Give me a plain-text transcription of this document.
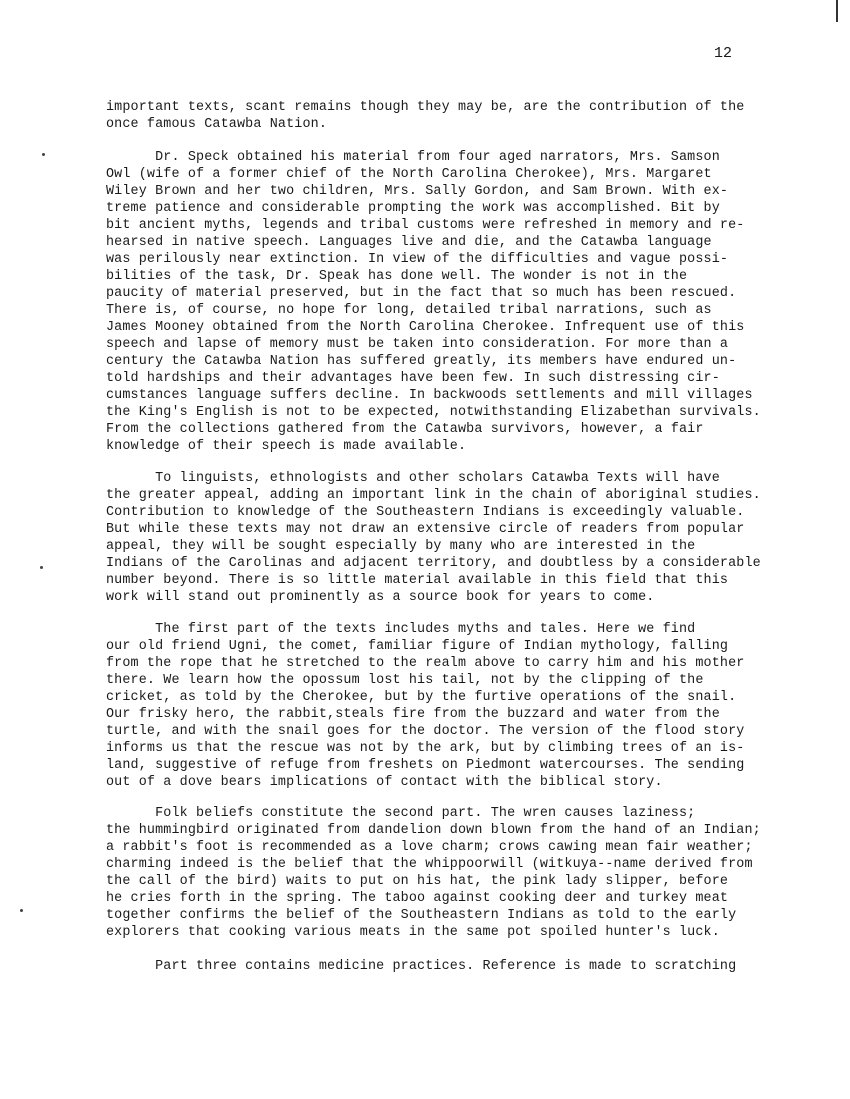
12
important texts, scant remains though they may be, are the contribution of the
once famous Catawba Nation.
Dr. Speck obtained his material from four aged narrators, Mrs. Samson
Owl (wife of a former chief of the North Carolina Cherokee), Mrs. Margaret
Wiley Brown and her two children, Mrs. Sally Gordon, and Sam Brown. With ex-
treme patience and considerable prompting the work was accomplished. Bit by
bit ancient myths, legends and tribal customs were refreshed in memory and re-
hearsed in native speech. Languages live and die, and the Catawba language
was perilously near extinction. In view of the difficulties and vague possi-
bilities of the task, Dr. Speak has done well. The wonder is not in the
paucity of material preserved, but in the fact that so much has been rescued.
There is, of course, no hope for long, detailed tribal narrations, such as
James Mooney obtained from the North Carolina Cherokee. Infrequent use of this
speech and lapse of memory must be taken into consideration. For more than a
century the Catawba Nation has suffered greatly, its members have endured un-
told hardships and their advantages have been few. In such distressing cir-
cumstances language suffers decline. In backwoods settlements and mill villages
the King's English is not to be expected, notwithstanding Elizabethan survivals.
From the collections gathered from the Catawba survivors, however, a fair
knowledge of their speech is made available.
To linguists, ethnologists and other scholars Catawba Texts will have
the greater appeal, adding an important link in the chain of aboriginal studies.
Contribution to knowledge of the Southeastern Indians is exceedingly valuable.
But while these texts may not draw an extensive circle of readers from popular
appeal, they will be sought especially by many who are interested in the
Indians of the Carolinas and adjacent territory, and doubtless by a considerable
number beyond. There is so little material available in this field that this
work will stand out prominently as a source book for years to come.
The first part of the texts includes myths and tales. Here we find
our old friend Ugni, the comet, familiar figure of Indian mythology, falling
from the rope that he stretched to the realm above to carry him and his mother
there. We learn how the opossum lost his tail, not by the clipping of the
cricket, as told by the Cherokee, but by the furtive operations of the snail.
Our frisky hero, the rabbit,steals fire from the buzzard and water from the
turtle, and with the snail goes for the doctor. The version of the flood story
informs us that the rescue was not by the ark, but by climbing trees of an is-
land, suggestive of refuge from freshets on Piedmont watercourses. The sending
out of a dove bears implications of contact with the biblical story.
Folk beliefs constitute the second part. The wren causes laziness;
the hummingbird originated from dandelion down blown from the hand of an Indian;
a rabbit's foot is recommended as a love charm; crows cawing mean fair weather;
charming indeed is the belief that the whippoorwill (witkuya--name derived from
the call of the bird) waits to put on his hat, the pink lady slipper, before
he cries forth in the spring. The taboo against cooking deer and turkey meat
together confirms the belief of the Southeastern Indians as told to the early
explorers that cooking various meats in the same pot spoiled hunter's luck.
Part three contains medicine practices. Reference is made to scratching
